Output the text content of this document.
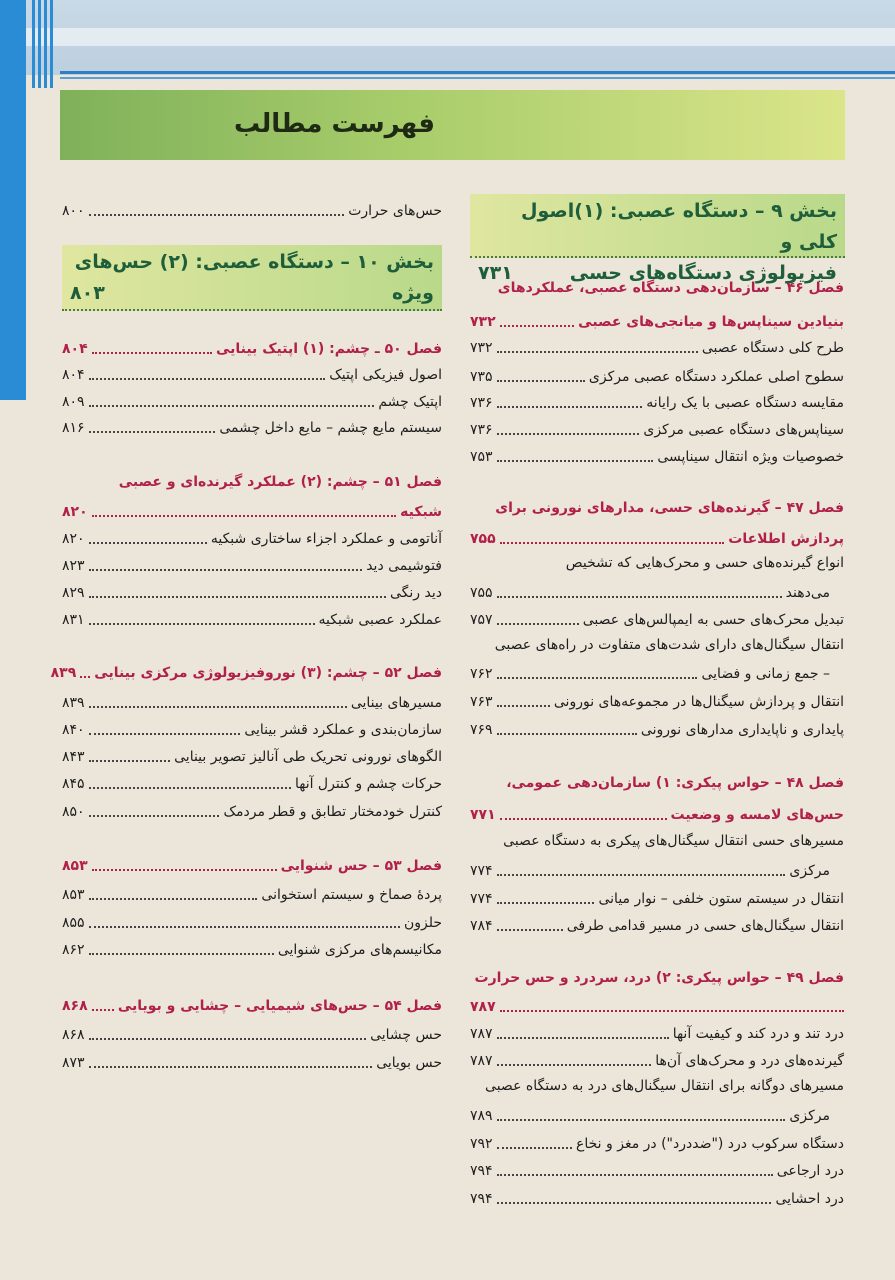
فهرست مطالب
بخش ۹ – دستگاه عصبی: (۱)اصول کلی و
فیزیولوژی دستگاه‌های حسی
۷۳۱
فصل ۴۶ – سازمان‌دهی دستگاه عصبی، عملکردهای
بنیادین سیناپس‌ها و میانجی‌های عصبی
۷۳۲
طرح کلی دستگاه عصبی
۷۳۲
سطوح اصلی عملکرد دستگاه عصبی مرکزی
۷۳۵
مقایسه دستگاه عصبی با یک رایانه
۷۳۶
سیناپس‌های دستگاه عصبی مرکزی
۷۳۶
خصوصیات ویژه انتقال سیناپسی
۷۵۳
فصل ۴۷ – گیرنده‌های حسی، مدارهای نورونی برای
پردازش اطلاعات
۷۵۵
انواع گیرنده‌های حسی و محرک‌هایی که تشخیص
می‌دهند
۷۵۵
تبدیل محرک‌های حسی به ایمپالس‌های عصبی
۷۵۷
انتقال سیگنال‌های دارای شدت‌های متفاوت در راه‌های عصبی
– جمع زمانی و فضایی
۷۶۲
انتقال و پردازش سیگنال‌ها در مجموعه‌های نورونی
۷۶۳
پایداری و ناپایداری مدارهای نورونی
۷۶۹
فصل ۴۸ – حواس پیکری: ۱) سازمان‌دهی عمومی،
حس‌های لامسه و وضعیت
۷۷۱
مسیرهای حسی انتقال سیگنال‌های پیکری به دستگاه عصبی
مرکزی
۷۷۴
انتقال در سیستم ستون خلفی – نوار میانی
۷۷۴
انتقال سیگنال‌های حسی در مسیر قدامی طرفی
۷۸۴
فصل ۴۹ – حواس پیکری: ۲) درد، سردرد و حس حرارت
۷۸۷
درد تند و درد کند و کیفیت آنها
۷۸۷
گیرنده‌های درد و محرک‌های آن‌ها
۷۸۷
مسیرهای دوگانه برای انتقال سیگنال‌های درد به دستگاه عصبی
مرکزی
۷۸۹
دستگاه سرکوب درد ("ضددرد") در مغز و نخاع
۷۹۲
درد ارجاعی
۷۹۴
درد احشایی
۷۹۴
حس‌های حرارت
۸۰۰
فصل ۵۰ ـ چشم: (۱) اپتیک بینایی
۸۰۴
اصول فیزیکی اپتیک
۸۰۴
اپتیک چشم
۸۰۹
سیستم مایع چشم – مایع داخل چشمی
۸۱۶
فصل ۵۱ – چشم: (۲) عملکرد گیرنده‌ای و عصبی
شبکیه
۸۲۰
آناتومی و عملکرد اجزاء ساختاری شبکیه
۸۲۰
فتوشیمی دید
۸۲۳
دید رنگی
۸۲۹
عملکرد عصبی شبکیه
۸۳۱
فصل ۵۲ – چشم: (۳) نوروفیزیولوژی مرکزی بینایی
۸۳۹
مسیرهای بینایی
۸۳۹
سازمان‌بندی و عملکرد قشر بینایی
۸۴۰
الگوهای نورونی تحریک طی آنالیز تصویر بینایی
۸۴۳
حرکات چشم و کنترل آنها
۸۴۵
کنترل خودمختار تطابق و قطر مردمک
۸۵۰
فصل ۵۳ – حس شنوایی
۸۵۳
پردهٔ صماخ و سیستم استخوانی
۸۵۳
حلزون
۸۵۵
مکانیسم‌های مرکزی شنوایی
۸۶۲
فصل ۵۴ – حس‌های شیمیایی – چشایی و بویایی
۸۶۸
حس چشایی
۸۶۸
حس بویایی
۸۷۳
بخش ۱۰ – دستگاه عصبی: (۲) حس‌های
ویژه
۸۰۳
